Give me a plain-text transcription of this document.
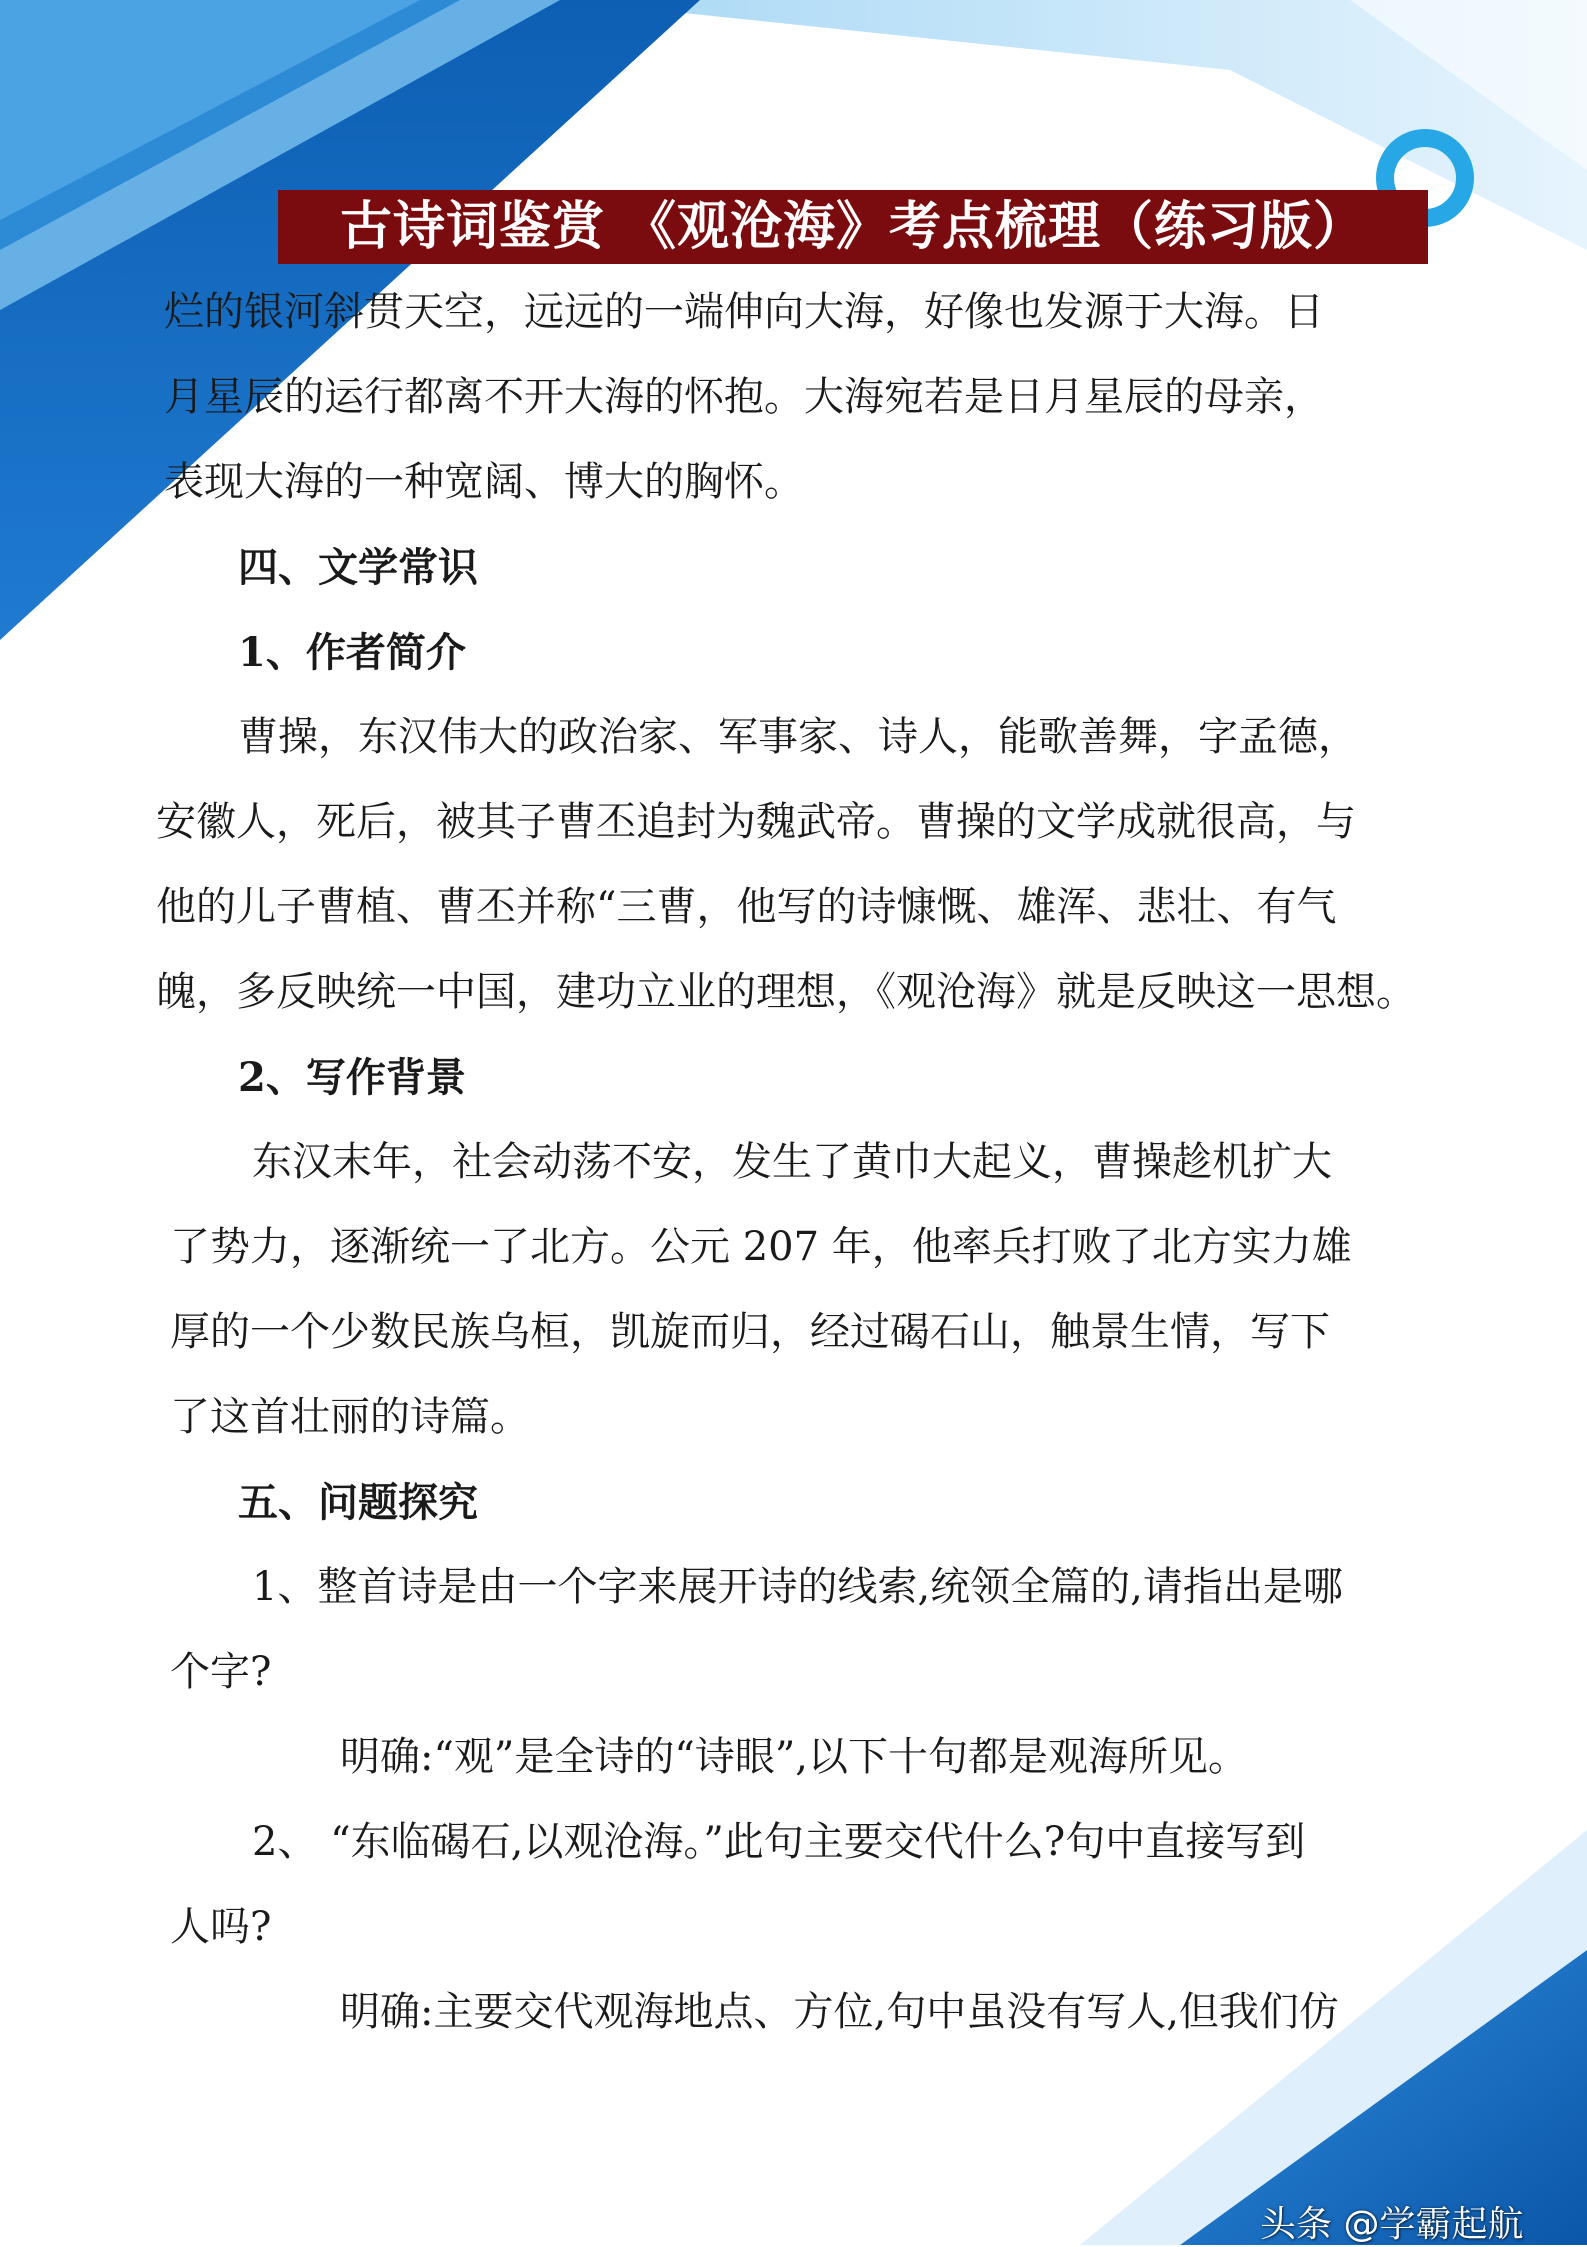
古诗词鉴赏 《观沧海》考点梳理（练习版）

烂的银河斜贯天空，远远的一端伸向大海，好像也发源于大海。日

月星辰的运行都离不开大海的怀抱。大海宛若是日月星辰的母亲，

表现大海的一种宽阔、博大的胸怀。

四、文学常识

1、作者简介

曹操，东汉伟大的政治家、军事家、诗人，能歌善舞，字孟德，

安徽人，死后，被其子曹丕追封为魏武帝。曹操的文学成就很高，与

他的儿子曹植、曹丕并称“三曹，他写的诗慷慨、雄浑、悲壮、有气

魄，多反映统一中国，建功立业的理想，《观沧海》就是反映这一思想。

2、写作背景

东汉末年，社会动荡不安，发生了黄巾大起义，曹操趁机扩大

了势力，逐渐统一了北方。公元 207 年，他率兵打败了北方实力雄

厚的一个少数民族乌桓，凯旋而归，经过碣石山，触景生情，写下

了这首壮丽的诗篇。

五、问题探究

1、整首诗是由一个字来展开诗的线索,统领全篇的,请指出是哪

个字?

明确:“观”是全诗的“诗眼”,以下十句都是观海所见。

2、 “东临碣石,以观沧海。”此句主要交代什么?句中直接写到

人吗?

明确:主要交代观海地点、方位,句中虽没有写人,但我们仿

头条 @学霸起航
